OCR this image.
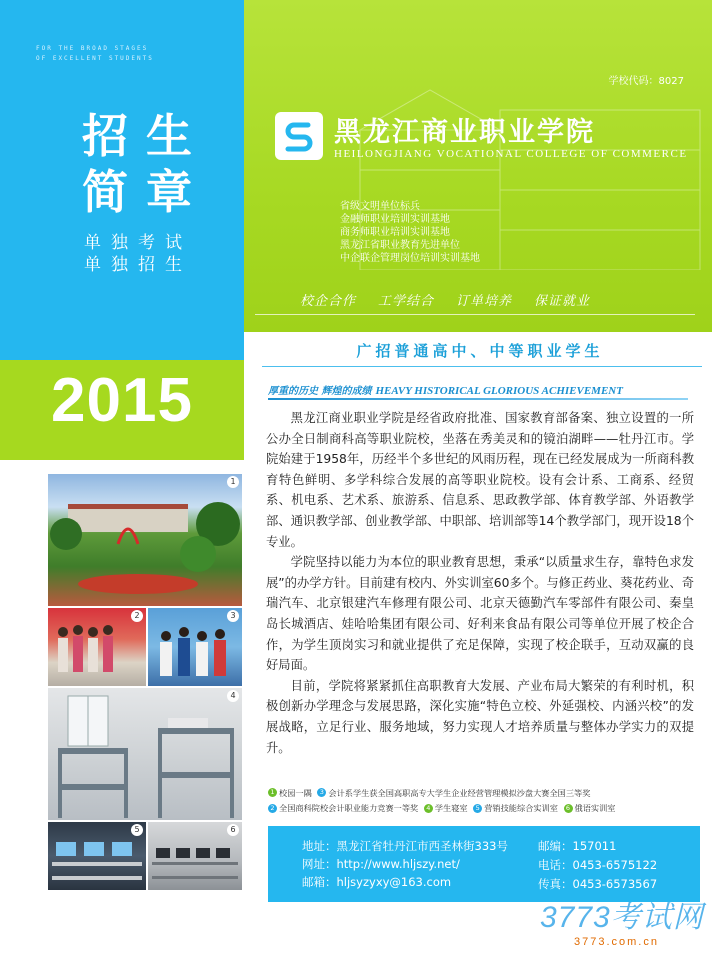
2015
FOR THE BROAD STAGES
OF EXCELLENT STUDENTS
招生
简章
单独考试
单独招生
学校代码：8027
黑龙江商业职业学院
HEILONGJIANG VOCATIONAL COLLEGE OF COMMERCE
省级文明单位标兵
金融师职业培训实训基地
商务师职业培训实训基地
黑龙江省职业教育先进单位
中企联企管理岗位培训实训基地
校企合作 工学结合 订单培养 保证就业
广招普通高中、中等职业学生
厚重的历史 辉煌的成绩 HEAVY HISTORICAL GLORIOUS ACHIEVEMENT

黑龙江商业职业学院是经省政府批准、国家教育部备案、独立设置的一所公办全日制商科高等职业院校，坐落在秀美灵和的镜泊湖畔——牡丹江市。学院始建于1958年，历经半个多世纪的风雨历程，现在已经发展成为一所商科教育特色鲜明、多学科综合发展的高等职业院校。设有会计系、工商系、经贸系、机电系、艺术系、旅游系、信息系、思政教学部、体育教学部、外语教学部、通识教学部、创业教学部、中职部、培训部等14个教学部门，现开设18个专业。

学院坚持以能力为本位的职业教育思想，秉承“以质量求生存，靠特色求发展”的办学方针。目前建有校内、外实训室60多个。与修正药业、葵花药业、奇瑞汽车、北京银建汽车修理有限公司、北京天德勤汽车零部件有限公司、秦皇岛长城酒店、娃哈哈集团有限公司、好利来食品有限公司等单位开展了校企合作，为学生顶岗实习和就业提供了充足保障，实现了校企联手，互动双赢的良好局面。

目前，学院将紧紧抓住高职教育大发展、产业布局大繁荣的有利时机，积极创新办学理念与发展思路，深化实施“特色立校、外延强校、内涵兴校”的发展战略，立足行业、服务地域，努力实现人才培养质量与整体办学实力的双提升。

1
2	3
4
5	6
1 校园一隅
	3 会计系学生获全国高职高专大学生企业经营管理模拟沙盘大赛全国三等奖
2 全国商科院校会计职业能力竞赛一等奖
	4 学生寝室
	5 营销技能综合实训室
	6 俄语实训室
地址：黑龙江省牡丹江市西圣林街333号
网址：http://www.hljszy.net/
邮箱：hljsyzyxy@163.com
邮编：157011
电话：0453-6575122
传真：0453-6573567
3773考试网
3773.com.cn
